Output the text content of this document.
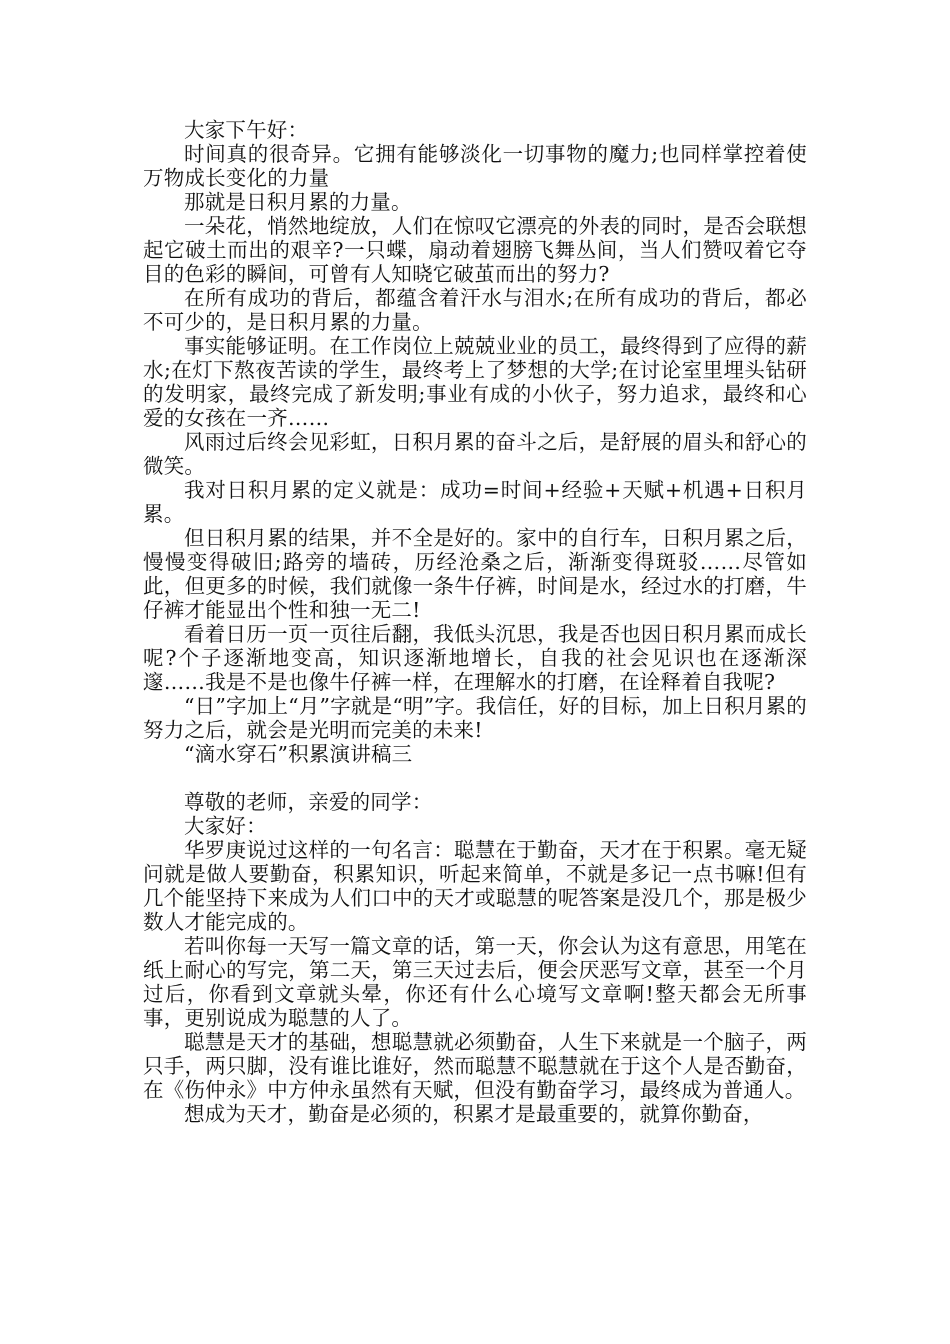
大家下午好：

时间真的很奇异。它拥有能够淡化一切事物的魔力;也同样掌控着使万物成长变化的力量

那就是日积月累的力量。

一朵花，悄然地绽放，人们在惊叹它漂亮的外表的同时，是否会联想起它破土而出的艰辛?一只蝶，扇动着翅膀飞舞丛间，当人们赞叹着它夺目的色彩的瞬间，可曾有人知晓它破茧而出的努力?

在所有成功的背后，都蕴含着汗水与泪水;在所有成功的背后，都必不可少的，是日积月累的力量。

事实能够证明。在工作岗位上兢兢业业的员工，最终得到了应得的薪水;在灯下熬夜苦读的学生，最终考上了梦想的大学;在讨论室里埋头钻研的发明家，最终完成了新发明;事业有成的小伙子，努力追求，最终和心爱的女孩在一齐……

风雨过后终会见彩虹，日积月累的奋斗之后，是舒展的眉头和舒心的微笑。

我对日积月累的定义就是：成功=时间+经验+天赋+机遇+日积月累。

但日积月累的结果，并不全是好的。家中的自行车，日积月累之后，慢慢变得破旧;路旁的墙砖，历经沧桑之后，渐渐变得斑驳……尽管如此，但更多的时候，我们就像一条牛仔裤，时间是水，经过水的打磨，牛仔裤才能显出个性和独一无二!

看着日历一页一页往后翻，我低头沉思，我是否也因日积月累而成长呢?个子逐渐地变高，知识逐渐地增长，自我的社会见识也在逐渐深邃……我是不是也像牛仔裤一样，在理解水的打磨，在诠释着自我呢?

“日”字加上“月”字就是“明”字。我信任，好的目标，加上日积月累的努力之后，就会是光明而完美的未来!

“滴水穿石”积累演讲稿三

尊敬的老师，亲爱的同学：

大家好：

华罗庚说过这样的一句名言：聪慧在于勤奋，天才在于积累。毫无疑问就是做人要勤奋，积累知识，听起来简单，不就是多记一点书嘛!但有几个能坚持下来成为人们口中的天才或聪慧的呢答案是没几个，那是极少数人才能完成的。

若叫你每一天写一篇文章的话，第一天，你会认为这有意思，用笔在纸上耐心的写完，第二天，第三天过去后，便会厌恶写文章，甚至一个月过后，你看到文章就头晕，你还有什么心境写文章啊!整天都会无所事事，更别说成为聪慧的人了。

聪慧是天才的基础，想聪慧就必须勤奋，人生下来就是一个脑子，两只手，两只脚，没有谁比谁好，然而聪慧不聪慧就在于这个人是否勤奋，在《伤仲永》中方仲永虽然有天赋，但没有勤奋学习，最终成为普通人。

想成为天才，勤奋是必须的，积累才是最重要的，就算你勤奋，
